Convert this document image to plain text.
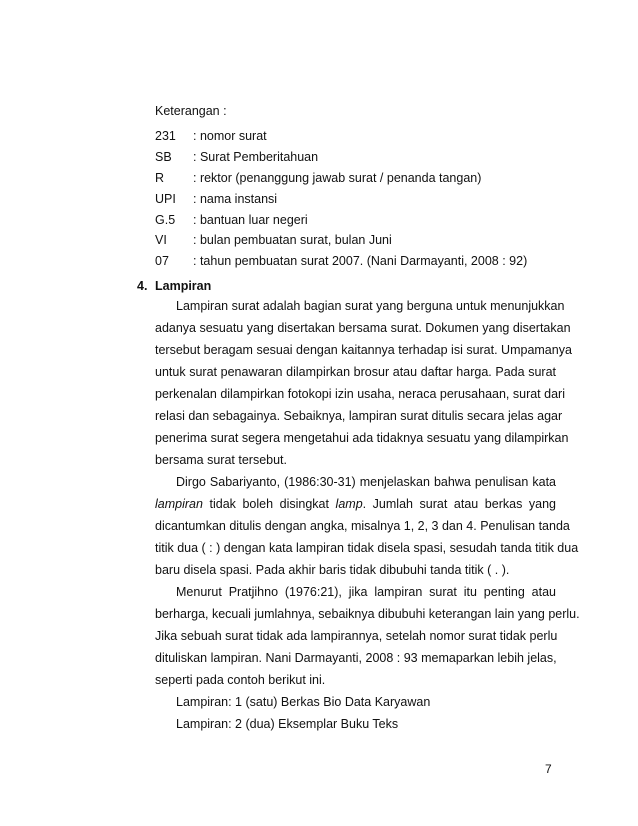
Keterangan :
231	: nomor surat
SB	: Surat Pemberitahuan
R	: rektor (penanggung jawab surat / penanda tangan)
UPI	: nama instansi
G.5	: bantuan luar negeri
VI	: bulan pembuatan surat, bulan Juni
07	: tahun pembuatan surat 2007. (Nani Darmayanti, 2008 : 92)
4. Lampiran
Lampiran surat adalah bagian surat yang berguna untuk menunjukkan
adanya sesuatu yang disertakan bersama surat. Dokumen yang disertakan
tersebut beragam sesuai dengan kaitannya terhadap isi surat. Umpamanya
untuk surat penawaran dilampirkan brosur atau daftar harga. Pada surat
perkenalan dilampirkan fotokopi izin usaha, neraca perusahaan, surat dari
relasi dan sebagainya. Sebaiknya, lampiran surat ditulis secara jelas agar
penerima surat segera mengetahui ada tidaknya sesuatu yang dilampirkan
bersama surat tersebut.
Dirgo Sabariyanto, (1986:30-31) menjelaskan bahwa penulisan kata
lampiran tidak boleh disingkat lamp. Jumlah surat atau berkas yang
dicantumkan ditulis dengan angka, misalnya 1, 2, 3 dan 4. Penulisan tanda
titik dua ( : ) dengan kata lampiran tidak disela spasi, sesudah tanda titik dua
baru disela spasi. Pada akhir baris tidak dibubuhi tanda titik ( . ).
Menurut Pratjihno (1976:21), jika lampiran surat itu penting atau
berharga, kecuali jumlahnya, sebaiknya dibubuhi keterangan lain yang perlu.
Jika sebuah surat tidak ada lampirannya, setelah nomor surat tidak perlu
dituliskan lampiran. Nani Darmayanti, 2008 : 93 memaparkan lebih jelas,
seperti pada contoh berikut ini.
Lampiran: 1 (satu) Berkas Bio Data Karyawan
Lampiran: 2 (dua) Eksemplar Buku Teks
7
